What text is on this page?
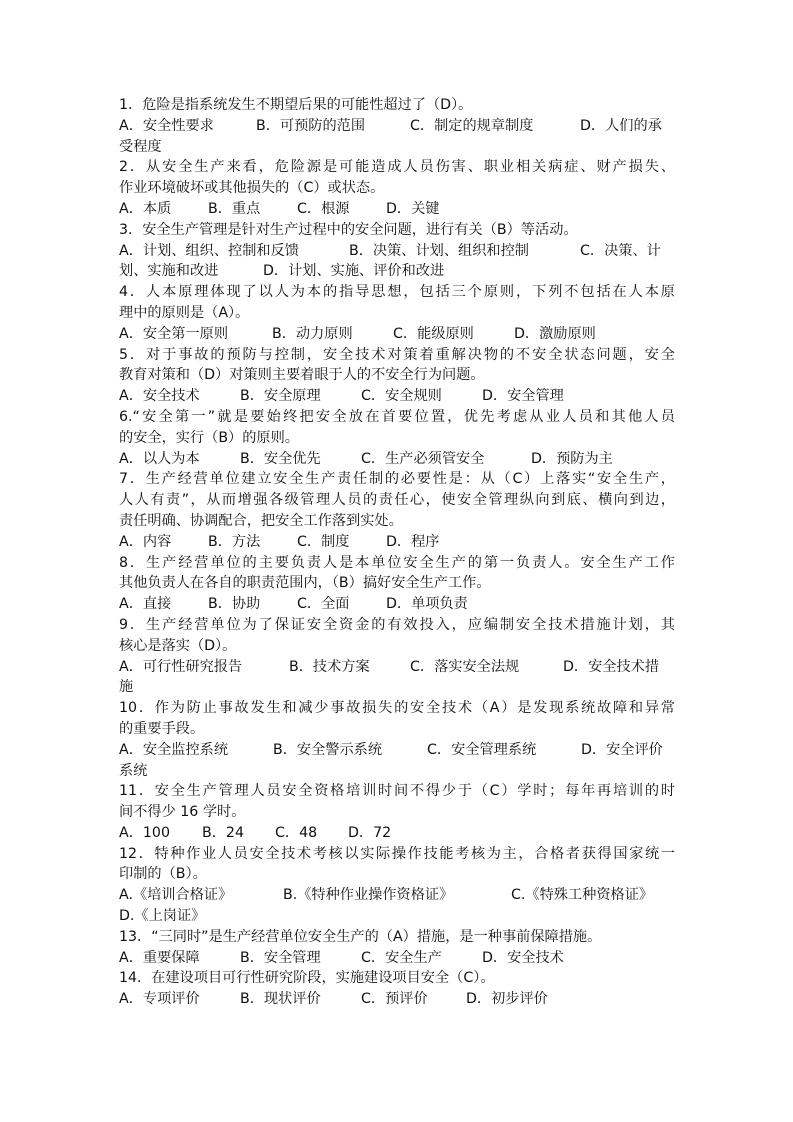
1．危险是指系统发生不期望后果的可能性超过了（D）。
A．安全性要求	B．可预防的范围	C．制定的规章制度	D．人们的承
受程度
2．从安全生产来看，危险源是可能造成人员伤害、职业相关病症、财产损失、
作业环境破坏或其他损失的（C）或状态。
A．本质	B．重点	C．根源	D．关键
3．安全生产管理是针对生产过程中的安全问题，进行有关（B）等活动。
A．计划、组织、控制和反馈	B．决策、计划、组织和控制	C．决策、计
划、实施和改进	D．计划、实施、评价和改进
4．人本原理体现了以人为本的指导思想，包括三个原则，下列不包括在人本原
理中的原则是（A）。
A．安全第一原则	B．动力原则	C．能级原则	D．激励原则
5．对于事故的预防与控制，安全技术对策着重解决物的不安全状态问题，安全
教育对策和（D）对策则主要着眼于人的不安全行为问题。
A．安全技术	B．安全原理	C．安全规则	D．安全管理
6.“安全第一”就是要始终把安全放在首要位置，优先考虑从业人员和其他人员
的安全，实行（B）的原则。
A．以人为本	B．安全优先	C．生产必须管安全	D．预防为主
7．生产经营单位建立安全生产责任制的必要性是：从（C）上落实“安全生产，
人人有责”，从而增强各级管理人员的责任心，使安全管理纵向到底、横向到边，
责任明确、协调配合，把安全工作落到实处。
A．内容	B．方法	C．制度	D．程序
8．生产经营单位的主要负责人是本单位安全生产的第一负责人。安全生产工作
其他负责人在各自的职责范围内，（B）搞好安全生产工作。
A．直接	B．协助	C．全面	D．单项负责
9．生产经营单位为了保证安全资金的有效投入，应编制安全技术措施计划，其
核心是落实（D）。
A．可行性研究报告	B．技术方案	C．落实安全法规	D．安全技术措
施
10．作为防止事故发生和减少事故损失的安全技术（A）是发现系统故障和异常
的重要手段。
A．安全监控系统	B．安全警示系统	C．安全管理系统	D．安全评价
系统
11．安全生产管理人员安全资格培训时间不得少于（C）学时；每年再培训的时
间不得少 16 学时。
A．100	B．24	C．48	D．72
12．特种作业人员安全技术考核以实际操作技能考核为主，合格者获得国家统一
印制的（B）。
A.《培训合格证》	B.《特种作业操作资格证》	C.《特殊工种资格证》
D.《上岗证》
13．“三同时”是生产经营单位安全生产的（A）措施，是一种事前保障措施。
A．重要保障	B．安全管理	C．安全生产	D．安全技术
14．在建设项目可行性研究阶段，实施建设项目安全（C）。
A．专项评价	B．现状评价	C．预评价	D．初步评价
